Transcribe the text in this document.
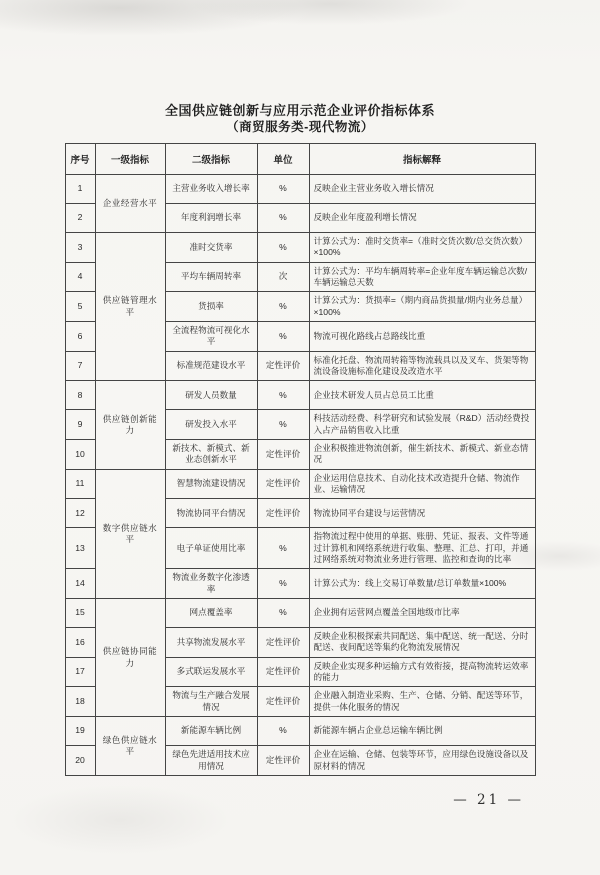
全国供应链创新与应用示范企业评价指标体系
（商贸服务类-现代物流）
序号	一级指标	二级指标	单位	指标解释
1	企业经营水平	主营业务收入增长率	%	反映企业主营业务收入增长情况
2		年度利润增长率	%	反映企业年度盈利增长情况
3	供应链管理水平	准时交货率	%	计算公式为：准时交货率=（准时交货次数/总交货次数）×100%
4		平均车辆周转率	次	计算公式为：平均车辆周转率=企业年度车辆运输总次数/车辆运输总天数
5		货损率	%	计算公式为：货损率=（期内商品货损量/期内业务总量）×100%
6		全流程物流可视化水平	%	物流可视化路线占总路线比重
7		标准规范建设水平	定性评价	标准化托盘、物流周转箱等物流载具以及叉车、货架等物流设备设施标准化建设及改造水平
8	供应链创新能力	研发人员数量	%	企业技术研发人员占总员工比重
9		研发投入水平	%	科技活动经费、科学研究和试验发展（R&D）活动经费投入占产品销售收入比重
10		新技术、新模式、新业态创新水平	定性评价	企业积极推进物流创新，催生新技术、新模式、新业态情况
11	数字供应链水平	智慧物流建设情况	定性评价	企业运用信息技术、自动化技术改造提升仓储、物流作业、运输情况
12		物流协同平台情况	定性评价	物流协同平台建设与运营情况
13		电子单证使用比率	%	指物流过程中使用的单据、账册、凭证、报表、文件等通过计算机和网络系统进行收集、整理、汇总、打印，并通过网络系统对物流业务进行管理、监控和查询的比率
14		物流业务数字化渗透率	%	计算公式为：线上交易订单数量/总订单数量×100%
15	供应链协同能力	网点覆盖率	%	企业拥有运营网点覆盖全国地级市比率
16		共享物流发展水平	定性评价	反映企业积极探索共同配送、集中配送、统一配送、分时配送、夜间配送等集约化物流发展情况
17		多式联运发展水平	定性评价	反映企业实现多种运输方式有效衔接，提高物流转运效率的能力
18		物流与生产融合发展情况	定性评价	企业融入制造业采购、生产、仓储、分销、配送等环节，提供一体化服务的情况
19	绿色供应链水平	新能源车辆比例	%	新能源车辆占企业总运输车辆比例
20		绿色先进适用技术应用情况	定性评价	企业在运输、仓储、包装等环节，应用绿色设施设备以及原材料的情况
— 21 —
